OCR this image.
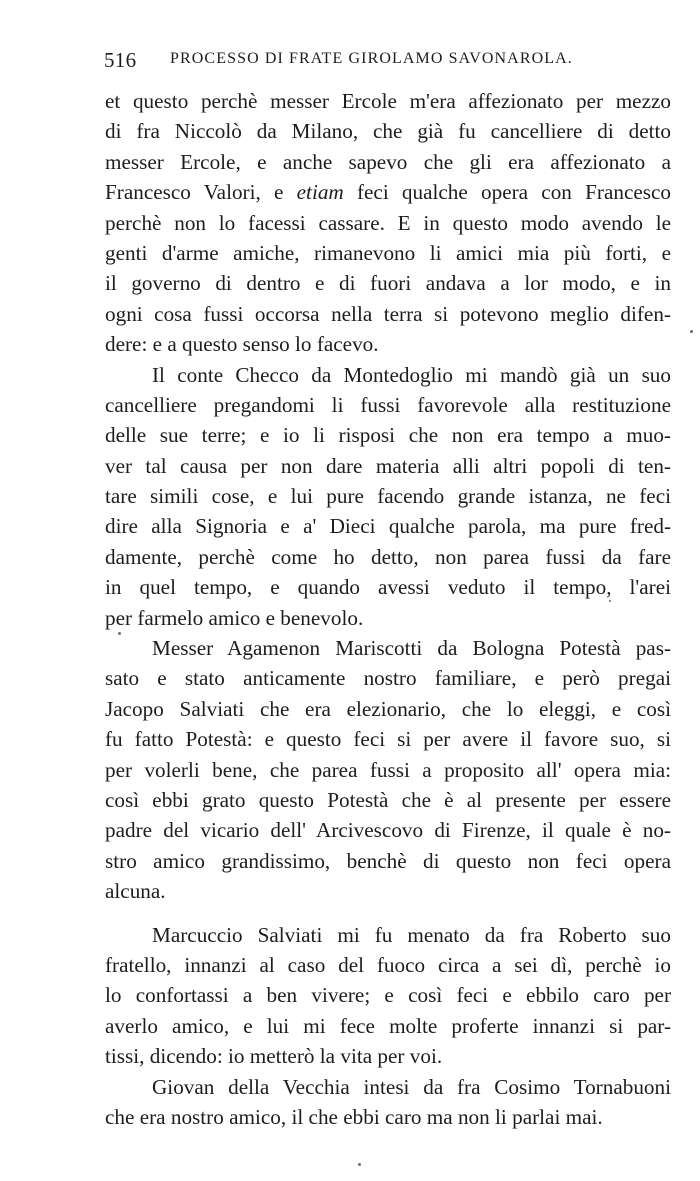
516 PROCESSO DI FRATE GIROLAMO SAVONAROLA.
et questo perchè messer Ercole m'era affezionato per mezzo
di fra Niccolò da Milano, che già fu cancelliere di detto
messer Ercole, e anche sapevo che gli era affezionato a
Francesco Valori, e etiam feci qualche opera con Francesco
perchè non lo facessi cassare. E in questo modo avendo le
genti d'arme amiche, rimanevono li amici mia più forti, e
il governo di dentro e di fuori andava a lor modo, e in
ogni cosa fussi occorsa nella terra si potevono meglio difen-
dere: e a questo senso lo facevo.
Il conte Checco da Montedoglio mi mandò già un suo
cancelliere pregandomi li fussi favorevole alla restituzione
delle sue terre; e io li risposi che non era tempo a muo-
ver tal causa per non dare materia alli altri popoli di ten-
tare simili cose, e lui pure facendo grande istanza, ne feci
dire alla Signoria e a' Dieci qualche parola, ma pure fred-
damente, perchè come ho detto, non parea fussi da fare
in quel tempo, e quando avessi veduto il tempo, l'arei
per farmelo amico e benevolo.
Messer Agamenon Mariscotti da Bologna Potestà pas-
sato e stato anticamente nostro familiare, e però pregai
Jacopo Salviati che era elezionario, che lo eleggi, e così
fu fatto Potestà: e questo feci si per avere il favore suo, si
per volerli bene, che parea fussi a proposito all' opera mia:
così ebbi grato questo Potestà che è al presente per essere
padre del vicario dell' Arcivescovo di Firenze, il quale è no-
stro amico grandissimo, benchè di questo non feci opera
alcuna.
Marcuccio Salviati mi fu menato da fra Roberto suo
fratello, innanzi al caso del fuoco circa a sei dì, perchè io
lo confortassi a ben vivere; e così feci e ebbilo caro per
averlo amico, e lui mi fece molte proferte innanzi si par-
tissi, dicendo: io metterò la vita per voi.
Giovan della Vecchia intesi da fra Cosimo Tornabuoni
che era nostro amico, il che ebbi caro ma non li parlai mai.
